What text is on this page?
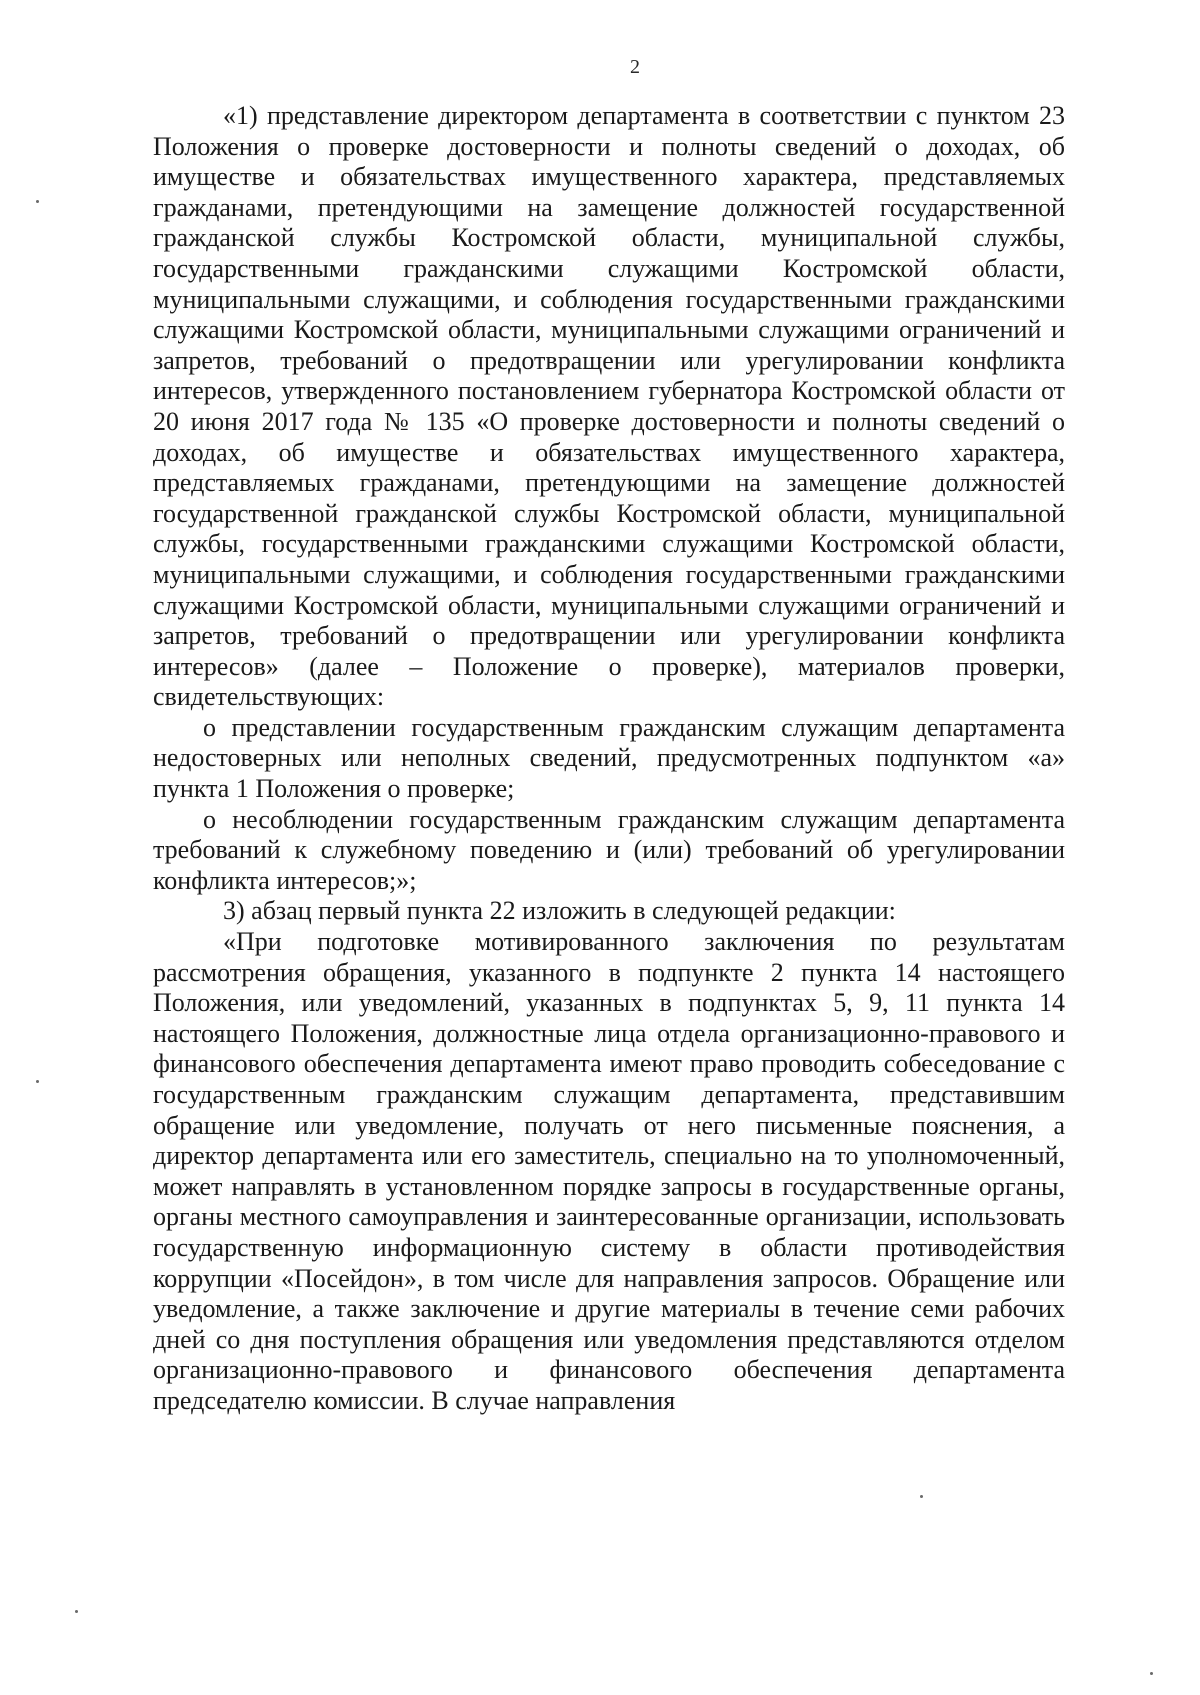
2

«1) представление директором департамента в соответствии с пунктом 23 Положения о проверке достоверности и полноты сведений о доходах, об имуществе и обязательствах имущественного характера, представляемых гражданами, претендующими на замещение должностей государственной гражданской службы Костромской области, муниципальной службы, государственными гражданскими служащими Костромской области, муниципальными служащими, и соблюдения государственными гражданскими служащими Костромской области, муниципальными служащими ограничений и запретов, требований о предотвращении или урегулировании конфликта интересов, утвержденного постановлением губернатора Костромской области от 20 июня 2017 года № 135 «О проверке достоверности и полноты сведений о доходах, об имуществе и обязательствах имущественного характера, представляемых гражданами, претендующими на замещение должностей государственной гражданской службы Костромской области, муниципальной службы, государственными гражданскими служащими Костромской области, муниципальными служащими, и соблюдения государственными гражданскими служащими Костромской области, муниципальными служащими ограничений и запретов, требований о предотвращении или урегулировании конфликта интересов» (далее – Положение о проверке), материалов проверки, свидетельствующих:

о представлении государственным гражданским служащим департамента недостоверных или неполных сведений, предусмотренных подпунктом «а» пункта 1 Положения о проверке;

о несоблюдении государственным гражданским служащим департамента требований к служебному поведению и (или) требований об урегулировании конфликта интересов;»;

3) абзац первый пункта 22 изложить в следующей редакции:

«При подготовке мотивированного заключения по результатам рассмотрения обращения, указанного в подпункте 2 пункта 14 настоящего Положения, или уведомлений, указанных в подпунктах 5, 9, 11 пункта 14 настоящего Положения, должностные лица отдела организационно-правового и финансового обеспечения департамента имеют право проводить собеседование с государственным гражданским служащим департамента, представившим обращение или уведомление, получать от него письменные пояснения, а директор департамента или его заместитель, специально на то уполномоченный, может направлять в установленном порядке запросы в государственные органы, органы местного самоуправления и заинтересованные организации, использовать государственную информационную систему в области противодействия коррупции «Посейдон», в том числе для направления запросов. Обращение или уведомление, а также заключение и другие материалы в течение семи рабочих дней со дня поступления обращения или уведомления представляются отделом организационно-правового и финансового обеспечения департамента председателю комиссии. В случае направления
